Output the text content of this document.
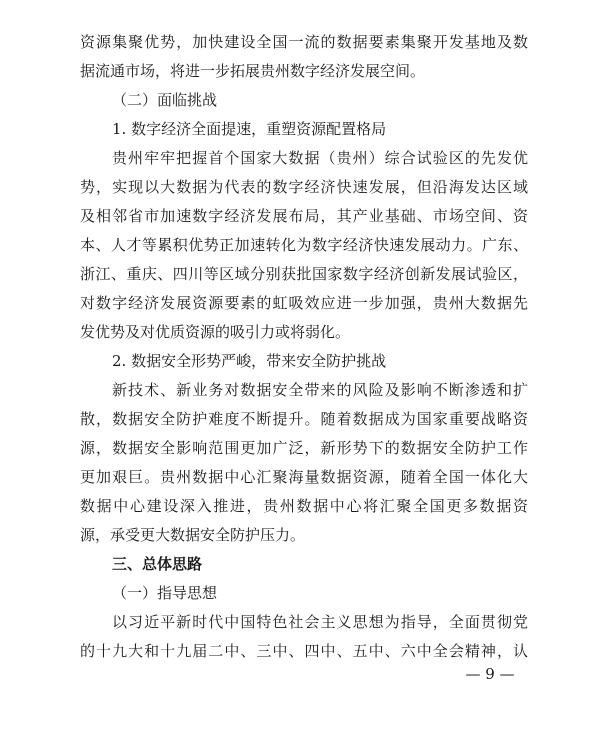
资源集聚优势，加快建设全国一流的数据要素集聚开发基地及数
据流通市场，将进一步拓展贵州数字经济发展空间。
（二）面临挑战
1. 数字经济全面提速，重塑资源配置格局
贵州牢牢把握首个国家大数据（贵州）综合试验区的先发优
势，实现以大数据为代表的数字经济快速发展，但沿海发达区域
及相邻省市加速数字经济发展布局，其产业基础、市场空间、资
本、人才等累积优势正加速转化为数字经济快速发展动力。广东、
浙江、重庆、四川等区域分别获批国家数字经济创新发展试验区，
对数字经济发展资源要素的虹吸效应进一步加强，贵州大数据先
发优势及对优质资源的吸引力或将弱化。
2. 数据安全形势严峻，带来安全防护挑战
新技术、新业务对数据安全带来的风险及影响不断渗透和扩
散，数据安全防护难度不断提升。随着数据成为国家重要战略资
源，数据安全影响范围更加广泛，新形势下的数据安全防护工作
更加艰巨。贵州数据中心汇聚海量数据资源，随着全国一体化大
数据中心建设深入推进，贵州数据中心将汇聚全国更多数据资
源，承受更大数据安全防护压力。
三、总体思路
（一）指导思想
以习近平新时代中国特色社会主义思想为指导，全面贯彻党
的十九大和十九届二中、三中、四中、五中、六中全会精神，认
— 9 —
